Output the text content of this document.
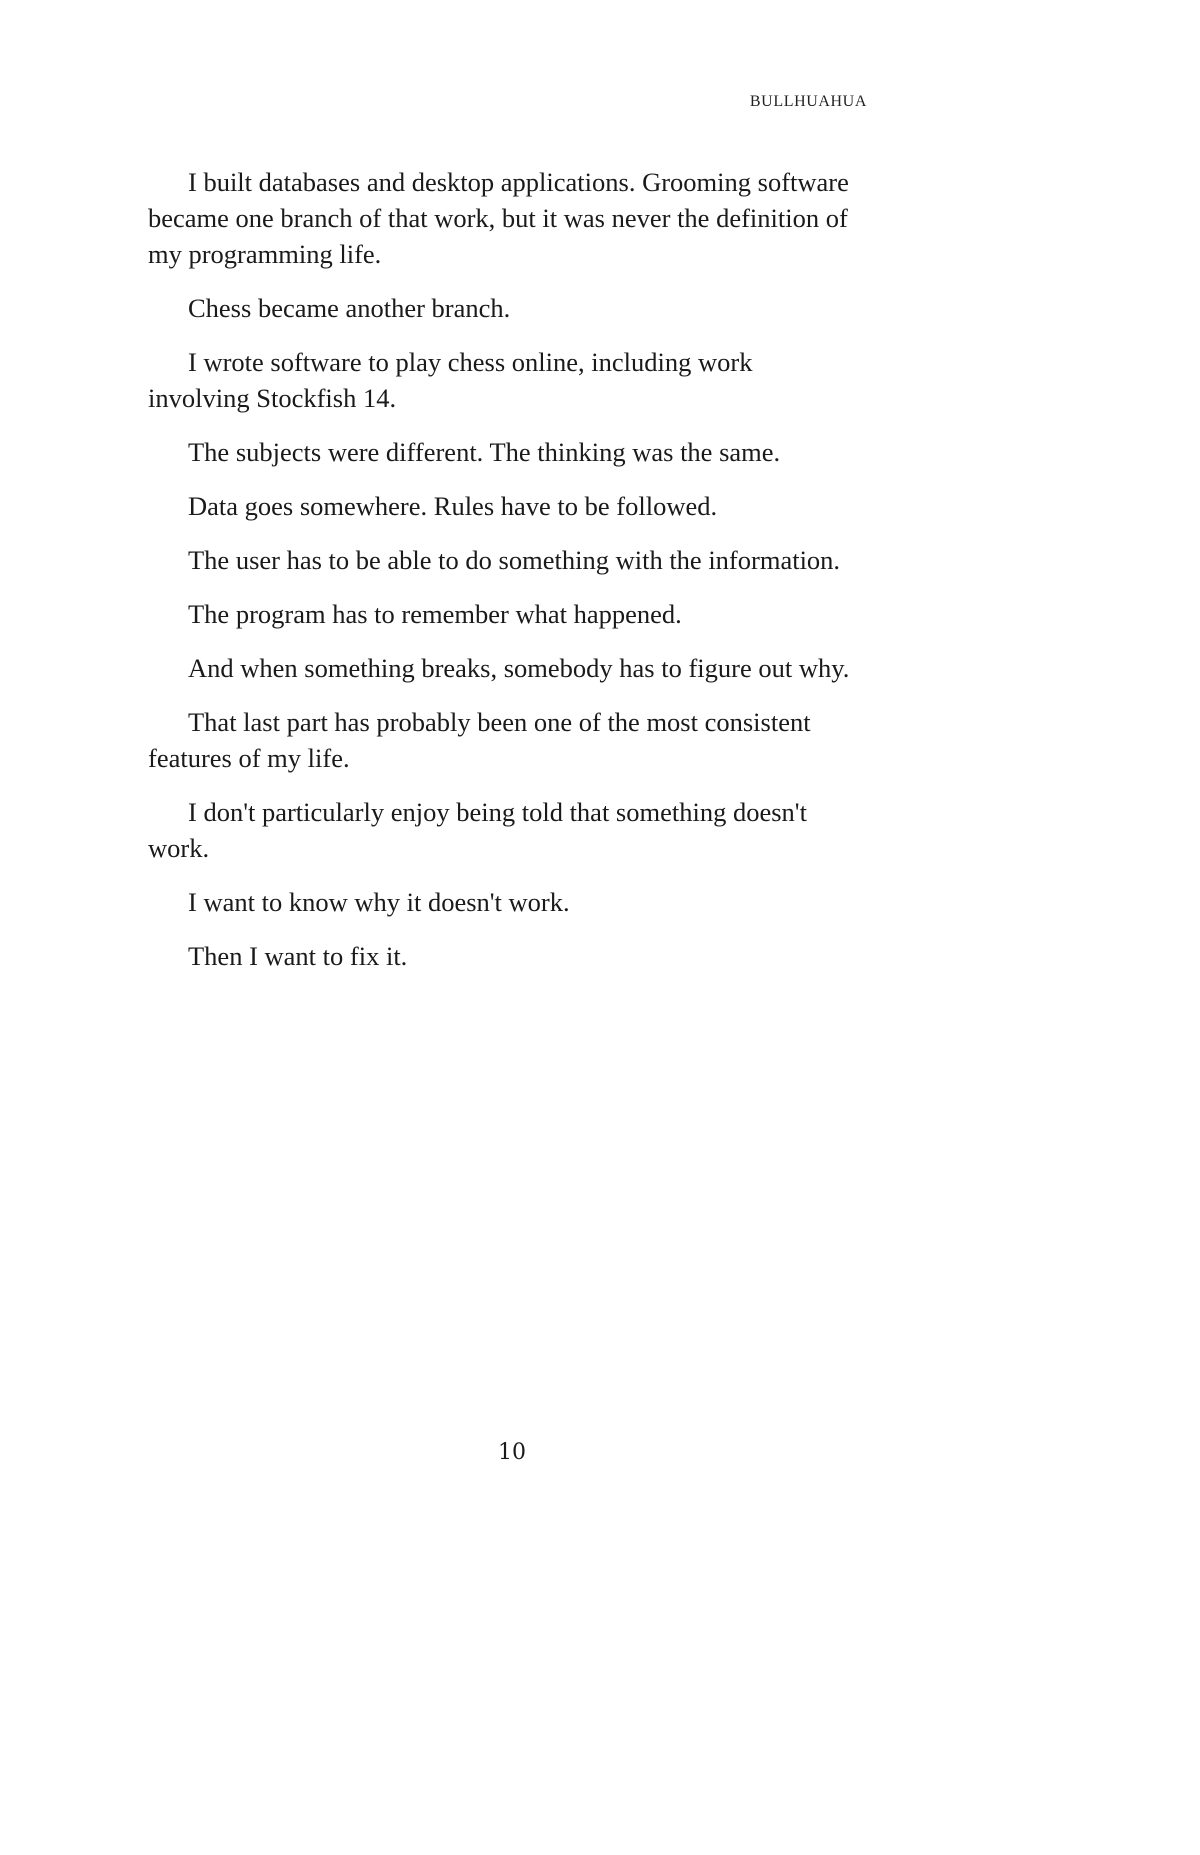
BULLHUAHUA

I built databases and desktop applications. Grooming software became one branch of that work, but it was never the definition of my programming life.

Chess became another branch.

I wrote software to play chess online, including work involving Stockfish 14.

The subjects were different. The thinking was the same.

Data goes somewhere. Rules have to be followed.

The user has to be able to do something with the information.

The program has to remember what happened.

And when something breaks, somebody has to figure out why.

That last part has probably been one of the most consistent features of my life.

I don't particularly enjoy being told that something doesn't work.

I want to know why it doesn't work.

Then I want to fix it.

10
